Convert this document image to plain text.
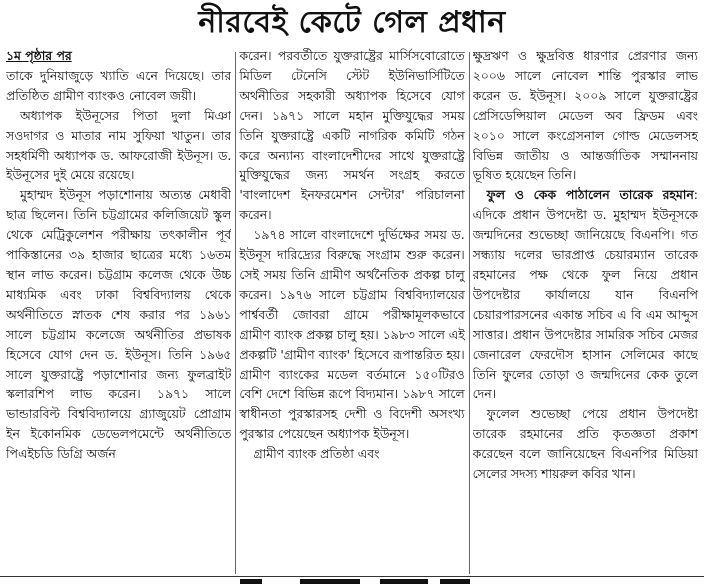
নীরবেই কেটে গেল প্রধান

১ম পৃষ্ঠার পর

তাকে দুনিয়াজুড়ে খ্যাতি এনে দিয়েছে। তার প্রতিষ্ঠিত গ্রামীণ ব্যাংকও নোবেল জয়ী।

অধ্যাপক ইউনূসের পিতা দুলা মিঞা সওদাগর ও মাতার নাম সুফিয়া খাতুন। তার সহধর্মিণী অধ্যাপক ড. আফরোজী ইউনূস। ড. ইউনূসের দুই মেয়ে রয়েছে।

মুহাম্মদ ইউনূস পড়াশোনায় অত্যন্ত মেধাবী ছাত্র ছিলেন। তিনি চট্টগ্রামের কলিজিয়েট স্কুল থেকে মেট্রিকুলেশন পরীক্ষায় তৎকালীন পূর্ব পাকিস্তানের ৩৯ হাজার ছাত্রের মধ্যে ১৬তম স্থান লাভ করেন। চট্টগ্রাম কলেজ থেকে উচ্চ মাধ্যমিক এবং ঢাকা বিশ্ববিদ্যালয় থেকে অর্থনীতিতে স্নাতক শেষ করার পর ১৯৬১ সালে চট্টগ্রাম কলেজে অর্থনীতির প্রভাষক হিসেবে যোগ দেন ড. ইউনূস। তিনি ১৯৬৫ সালে যুক্তরাষ্ট্রে পড়াশোনার জন্য ফুলব্রাইট স্কলারশিপ লাভ করেন। ১৯৭১ সালে ভান্ডারবিল্ট বিশ্ববিদ্যালয়ে গ্র্যাজুয়েট প্রোগ্রাম ইন ইকোনমিক ডেভেলপমেন্টে অর্থনীতিতে পিএইচডি ডিগ্রি অর্জন

করেন। পরবর্তীতে যুক্তরাষ্ট্রের মার্সিসবোরোতে মিডিল টেনেসি স্টেট ইউনিভার্সিটিতে অর্থনীতির সহকারী অধ্যাপক হিসেবে যোগ দেন। ১৯৭১ সালে মহান মুক্তিযুদ্ধের সময় তিনি যুক্তরাষ্ট্রে একটি নাগরিক কমিটি গঠন করে অন্যান্য বাংলাদেশীদের সাথে যুক্তরাষ্ট্রে মুক্তিযুদ্ধের জন্য সমর্থন সংগ্রহ করতে 'বাংলাদেশ ইনফরমেশন সেন্টার' পরিচালনা করেন।

১৯৭৪ সালে বাংলাদেশে দুর্ভিক্ষের সময় ড. ইউনূস দারিদ্র্যের বিরুদ্ধে সংগ্রাম শুরু করেন। সেই সময় তিনি গ্রামীণ অর্থনৈতিক প্রকল্প চালু করেন। ১৯৭৬ সালে চট্টগ্রাম বিশ্ববিদ্যালয়ের পার্শ্ববর্তী জোবরা গ্রামে পরীক্ষামূলকভাবে গ্রামীণ ব্যাংক প্রকল্প চালু হয়। ১৯৮৩ সালে এই প্রকল্পটি 'গ্রামীণ ব্যাংক' হিসেবে রূপান্তরিত হয়। গ্রামীণ ব্যাংকের মডেল বর্তমানে ১৫০টিরও বেশি দেশে বিভিন্ন রূপে বিদ্যমান। ১৯৮৭ সালে স্বাধীনতা পুরস্কারসহ দেশী ও বিদেশী অসংখ্য পুরস্কার পেয়েছেন অধ্যাপক ইউনূস।

গ্রামীণ ব্যাংক প্রতিষ্ঠা এবং

ক্ষুদ্রঋণ ও ক্ষুদ্রবিত্ত ধারণার প্রেরণার জন্য ২০০৬ সালে নোবেল শান্তি পুরস্কার লাভ করেন ড. ইউনূস। ২০০৯ সালে যুক্তরাষ্ট্রের প্রেসিডেন্সিয়াল মেডেল অব ফ্রিডম এবং ২০১০ সালে কংগ্রেসনাল গোল্ড মেডেলসহ বিভিন্ন জাতীয় ও আন্তর্জাতিক সম্মাননায় ভূষিত হয়েছেন তিনি।

ফুল ও কেক পাঠালেন তারেক রহমান: এদিকে প্রধান উপদেষ্টা ড. মুহাম্মদ ইউনূসকে জন্মদিনের শুভেচ্ছা জানিয়েছে বিএনপি। গত সন্ধ্যায় দলের ভারপ্রাপ্ত চেয়ারম্যান তারেক রহমানের পক্ষ থেকে ফুল নিয়ে প্রধান উপদেষ্টার কার্যালয়ে যান বিএনপি চেয়ারপারসনের একান্ত সচিব এ বি এম আব্দুস সাত্তার। প্রধান উপদেষ্টার সামরিক সচিব মেজর জেনারেল ফেরদৌস হাসান সেলিমের কাছে তিনি ফুলের তোড়া ও জন্মদিনের কেক তুলে দেন।

ফুলেল শুভেচ্ছা পেয়ে প্রধান উপদেষ্টা তারেক রহমানের প্রতি কৃতজ্ঞতা প্রকাশ করেছেন বলে জানিয়েছেন বিএনপির মিডিয়া সেলের সদস্য শায়রুল কবির খান।
